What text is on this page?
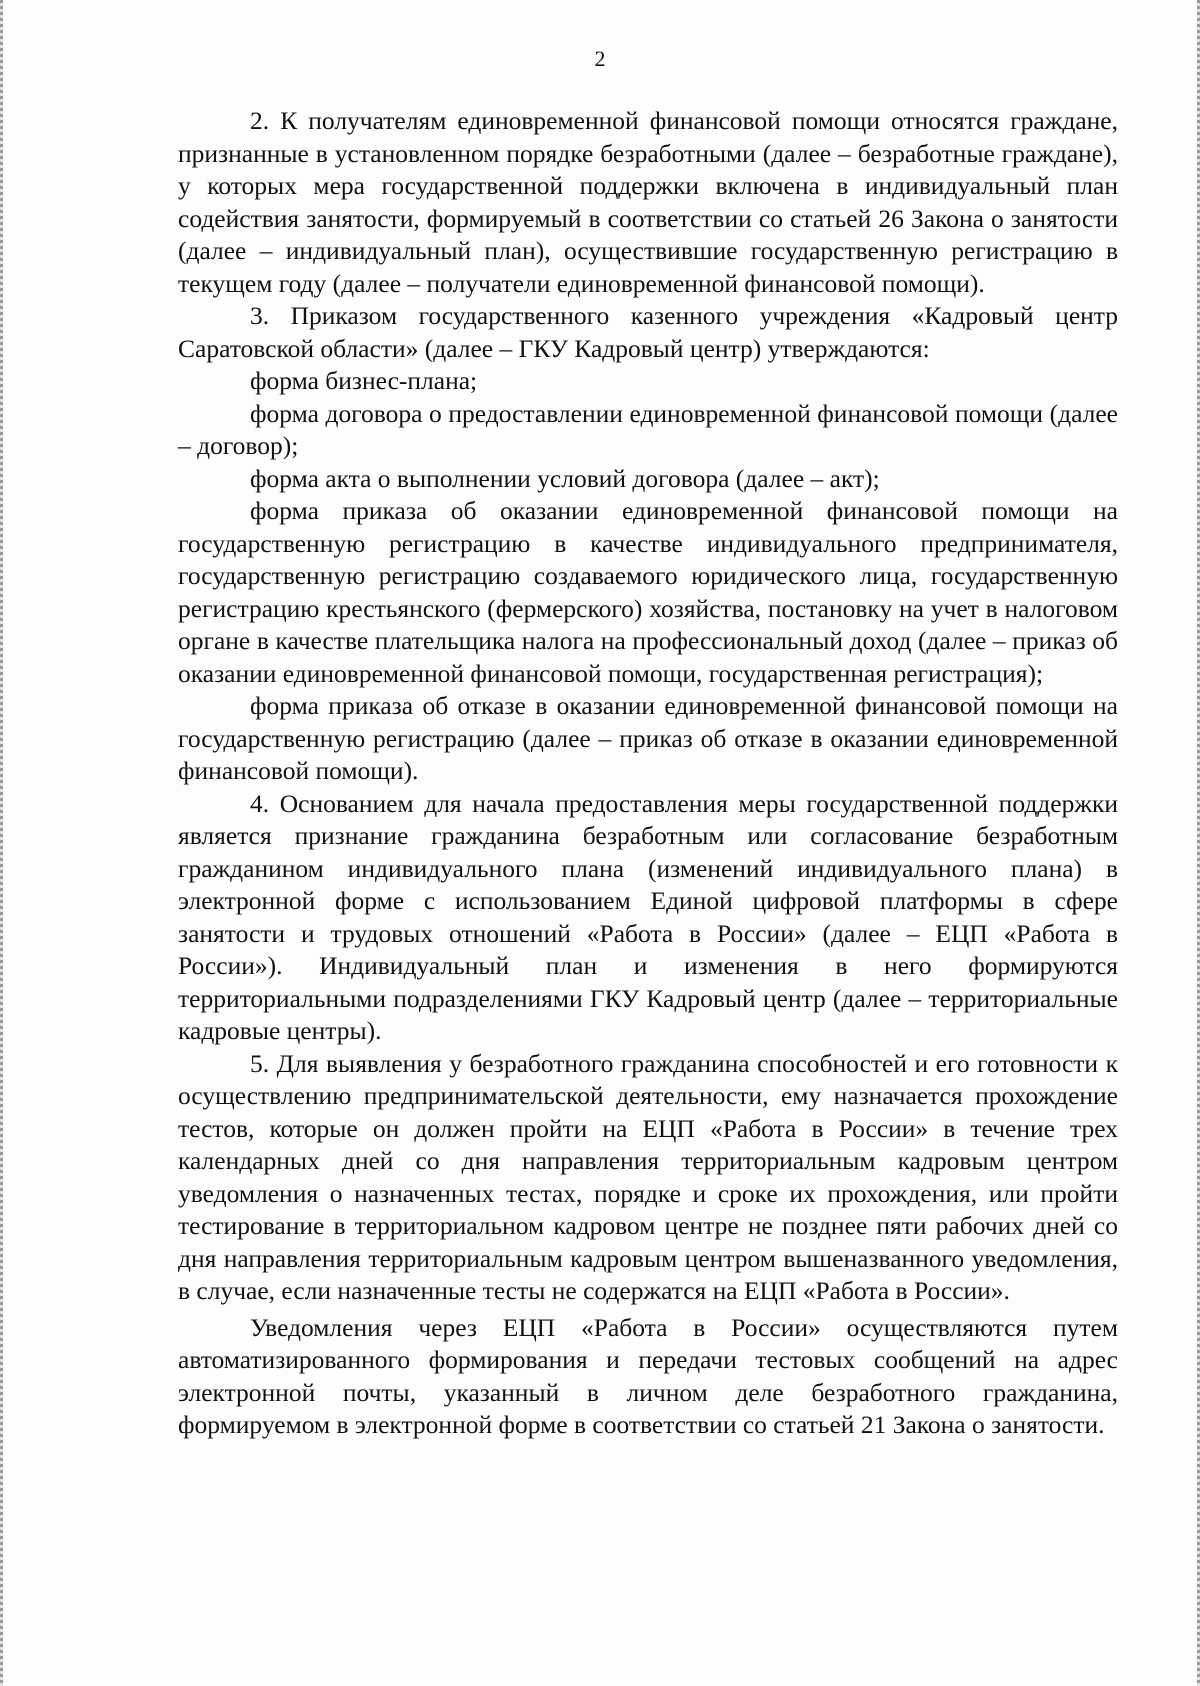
2

2. К получателям единовременной финансовой помощи относятся граждане, признанные в установленном порядке безработными (далее – безработные граждане), у которых мера государственной поддержки включена в индивидуальный план содействия занятости, формируемый в соответствии со статьей 26 Закона о занятости (далее – индивидуальный план), осуществившие государственную регистрацию в текущем году (далее – получатели единовременной финансовой помощи).

3. Приказом государственного казенного учреждения «Кадровый центр Саратовской области» (далее – ГКУ Кадровый центр) утверждаются:

форма бизнес-плана;

форма договора о предоставлении единовременной финансовой помощи (далее – договор);

форма акта о выполнении условий договора (далее – акт);

форма приказа об оказании единовременной финансовой помощи на государственную регистрацию в качестве индивидуального предпринимателя, государственную регистрацию создаваемого юридического лица, государственную регистрацию крестьянского (фермерского) хозяйства, постановку на учет в налоговом органе в качестве плательщика налога на профессиональный доход (далее – приказ об оказании единовременной финансовой помощи, государственная регистрация);

форма приказа об отказе в оказании единовременной финансовой помощи на государственную регистрацию (далее – приказ об отказе в оказании единовременной финансовой помощи).

4. Основанием для начала предоставления меры государственной поддержки является признание гражданина безработным или согласование безработным гражданином индивидуального плана (изменений индивидуального плана) в электронной форме с использованием Единой цифровой платформы в сфере занятости и трудовых отношений «Работа в России» (далее – ЕЦП «Работа в России»). Индивидуальный план и изменения в него формируются территориальными подразделениями ГКУ Кадровый центр (далее – территориальные кадровые центры).

5. Для выявления у безработного гражданина способностей и его готовности к осуществлению предпринимательской деятельности, ему назначается прохождение тестов, которые он должен пройти на ЕЦП «Работа в России» в течение трех календарных дней со дня направления территориальным кадровым центром уведомления о назначенных тестах, порядке и сроке их прохождения, или пройти тестирование в территориальном кадровом центре не позднее пяти рабочих дней со дня направления территориальным кадровым центром вышеназванного уведомления, в случае, если назначенные тесты не содержатся на ЕЦП «Работа в России».

Уведомления через ЕЦП «Работа в России» осуществляются путем автоматизированного формирования и передачи тестовых сообщений на адрес электронной почты, указанный в личном деле безработного гражданина, формируемом в электронной форме в соответствии со статьей 21 Закона о занятости.
